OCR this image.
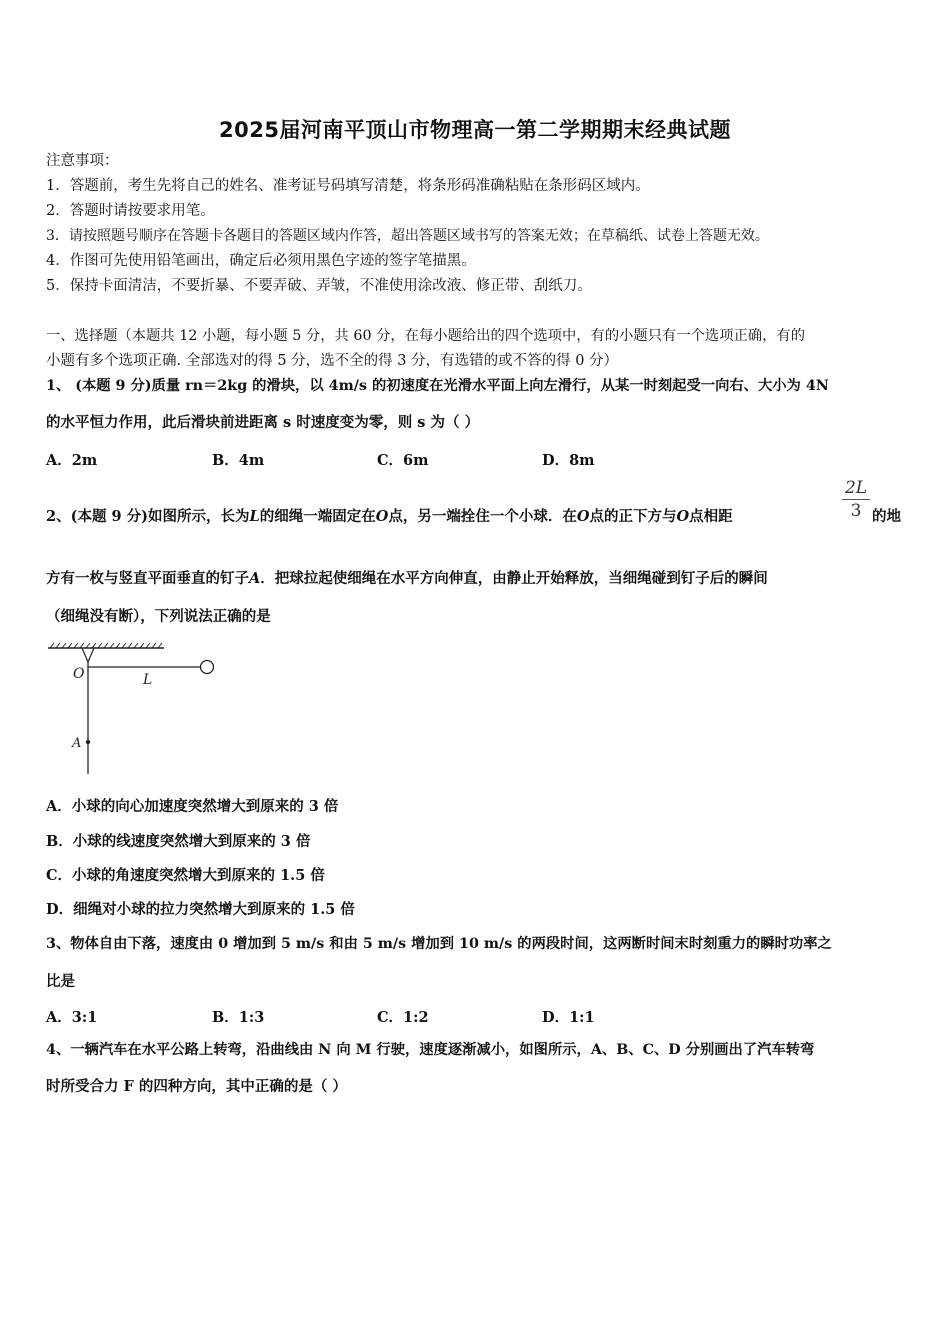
2025届河南平顶山市物理高一第二学期期末经典试题
注意事项：
1．答题前，考生先将自己的姓名、准考证号码填写清楚，将条形码准确粘贴在条形码区域内。
2．答题时请按要求用笔。
3．请按照题号顺序在答题卡各题目的答题区域内作答，超出答题区域书写的答案无效；在草稿纸、试卷上答题无效。
4．作图可先使用铅笔画出，确定后必须用黑色字迹的签字笔描黑。
5．保持卡面清洁，不要折暴、不要弄破、弄皱，不准使用涂改液、修正带、刮纸刀。
一、选择题（本题共 12 小题，每小题 5 分，共 60 分，在每小题给出的四个选项中，有的小题只有一个选项正确，有的
小题有多个选项正确. 全部选对的得 5 分，选不全的得 3 分，有选错的或不答的得 0 分）
1、 (本题 9 分)质量 rn＝2kg 的滑块，以 4m/s 的初速度在光滑水平面上向左滑行，从某一时刻起受一向右、大小为 4N
的水平恒力作用，此后滑块前进距离 s 时速度变为零，则 s 为（ ）
A．2m	B．4m	C．6m	D．8m
2、(本题 9 分)如图所示，长为L的细绳一端固定在O点，另一端拴住一个小球．在O点的正下方与O点相距
2L
3 的地
方有一枚与竖直平面垂直的钉子A．把球拉起使细绳在水平方向伸直，由静止开始释放，当细绳碰到钉子后的瞬间
（细绳没有断），下列说法正确的是
O	L
A
A．小球的向心加速度突然增大到原来的 3 倍
B．小球的线速度突然增大到原来的 3 倍
C．小球的角速度突然增大到原来的 1.5 倍
D．细绳对小球的拉力突然增大到原来的 1.5 倍
3、物体自由下落，速度由 0 增加到 5 m/s 和由 5 m/s 增加到 10 m/s 的两段时间，这两断时间末时刻重力的瞬时功率之
比是
A．3:1	B．1:3	C．1:2	D．1:1
4、一辆汽车在水平公路上转弯，沿曲线由 N 向 M 行驶，速度逐渐减小，如图所示，A、B、C、D 分别画出了汽车转弯
时所受合力 F 的四种方向，其中正确的是（ ）
